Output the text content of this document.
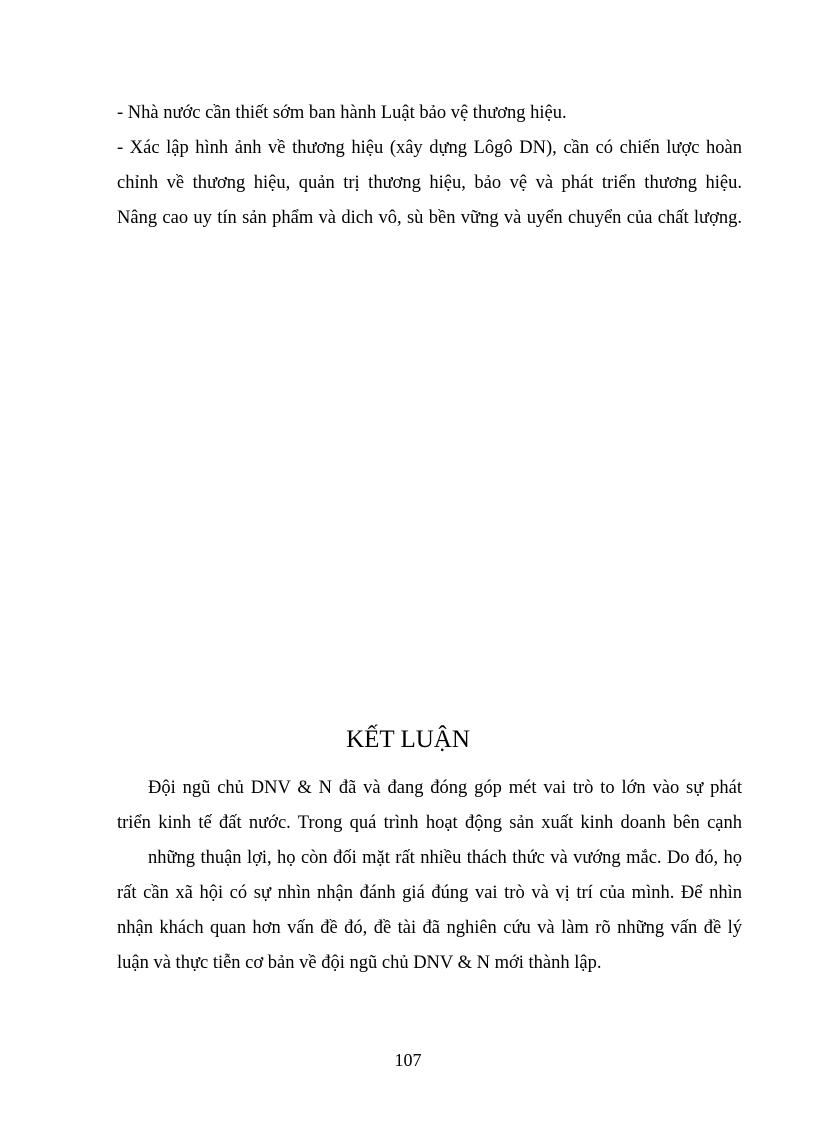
- Nhà nước cần thiết sớm ban hành Luật bảo vệ thương hiệu.
- Xác lập hình ảnh về thương hiệu (xây dựng Lôgô DN), cần có chiến lược hoàn
chỉnh về thương hiệu, quản trị thương hiệu, bảo vệ và phát triển thương hiệu.
Nâng cao uy tín sản phẩm và dich vô, sù bền vững và uyển chuyển của chất lượng.
KẾT LUẬN
Đội ngũ chủ DNV & N đã và đang đóng góp mét vai trò to lớn vào sự phát
triển kinh tế đất nước. Trong quá trình hoạt động sản xuất kinh doanh bên cạnh
những thuận lợi, họ còn đối mặt rất nhiều thách thức và vướng mắc. Do đó, họ
rất cần xã hội có sự nhìn nhận đánh giá đúng vai trò và vị trí của mình. Để nhìn
nhận khách quan hơn vấn đề đó, đề tài đã nghiên cứu và làm rõ những vấn đề lý
luận và thực tiễn cơ bản về đội ngũ chủ DNV & N mới thành lập.
107
